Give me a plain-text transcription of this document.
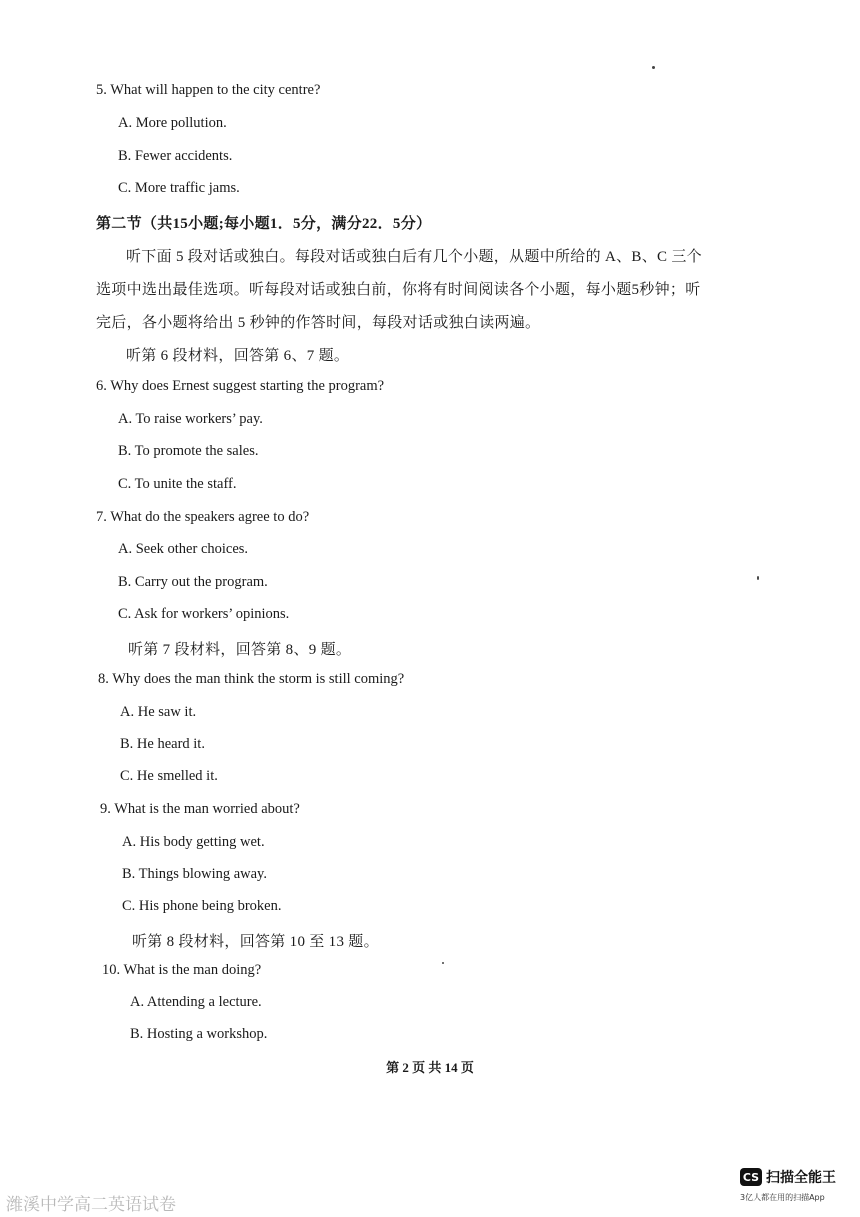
5. What will happen to the city centre?
A. More pollution.
B. Fewer accidents.
C. More traffic jams.
第二节（共15小题;每小题1．5分，满分22．5分）
听下面 5 段对话或独白。每段对话或独白后有几个小题，从题中所给的 A、B、C 三个
选项中选出最佳选项。听每段对话或独白前，你将有时间阅读各个小题，每小题5秒钟；听
完后，各小题将给出 5 秒钟的作答时间，每段对话或独白读两遍。
听第 6 段材料，回答第 6、7 题。
6. Why does Ernest suggest starting the program?
A. To raise workers’ pay.
B. To promote the sales.
C. To unite the staff.
7. What do the speakers agree to do?
A. Seek other choices.
B. Carry out the program.
C. Ask for workers’ opinions.
听第 7 段材料，回答第 8、9 题。
8. Why does the man think the storm is still coming?
A. He saw it.
B. He heard it.
C. He smelled it.
9. What is the man worried about?
A. His body getting wet.
B. Things blowing away.
C. His phone being broken.
听第 8 段材料，回答第 10 至 13 题。
10. What is the man doing?
A. Attending a lecture.
B. Hosting a workshop.
第 2 页 共 14 页
潍溪中学高二英语试卷
CS 扫描全能王
3亿人都在用的扫描App
